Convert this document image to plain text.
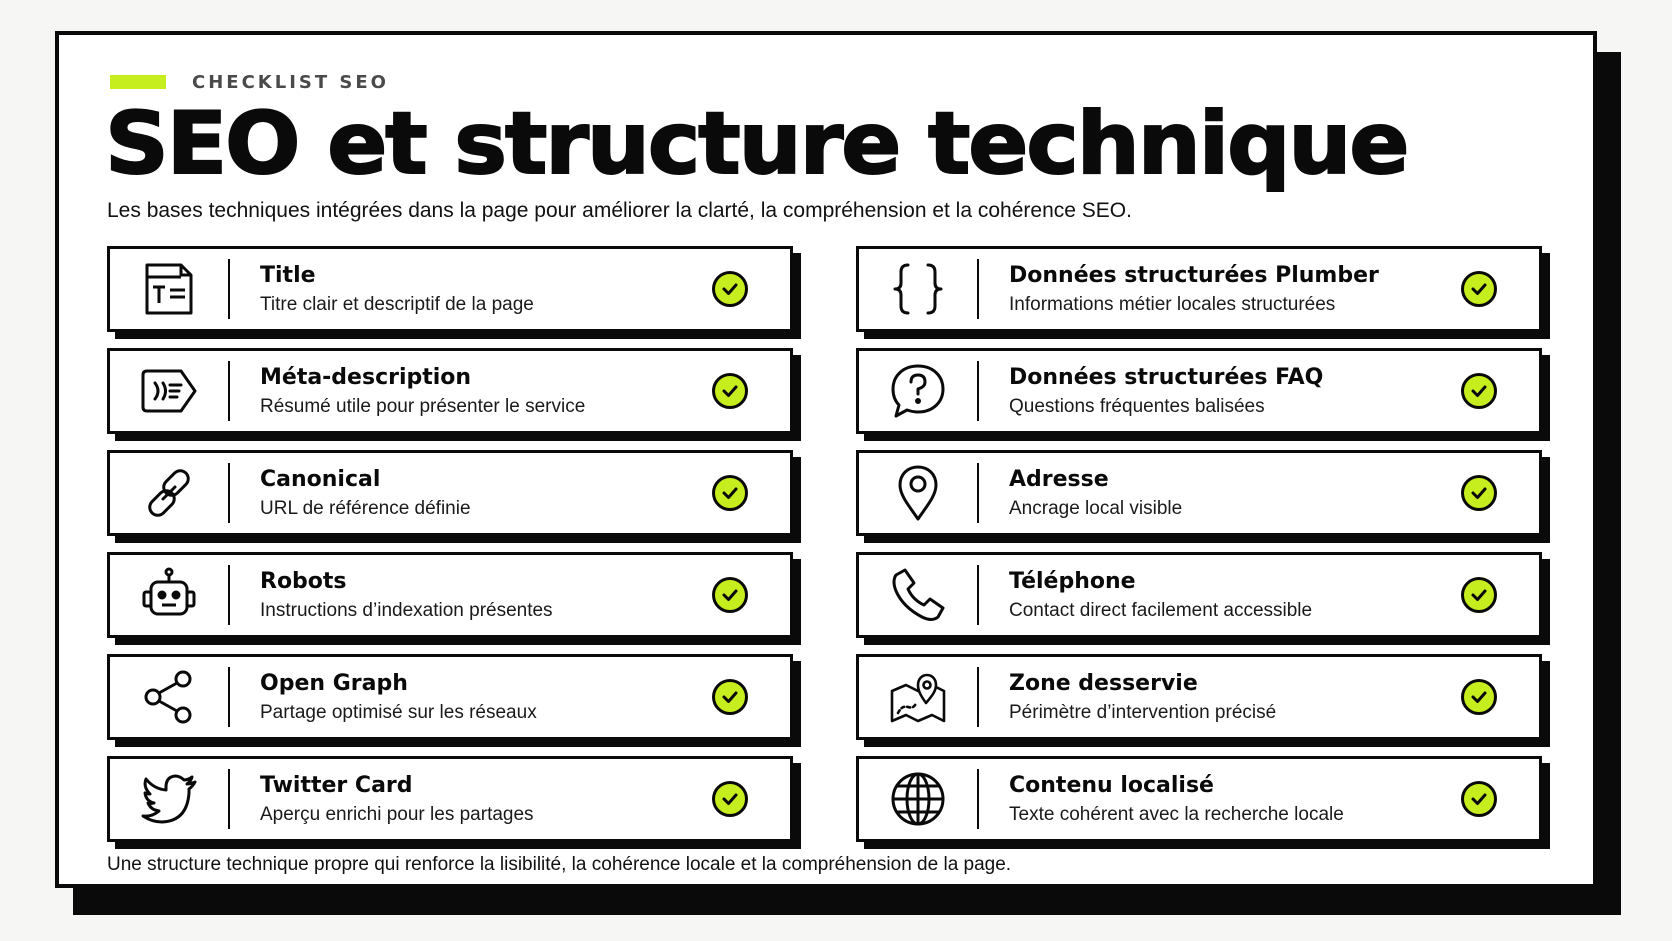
CHECKLIST SEO
SEO et structure technique

Les bases techniques intégrées dans la page pour améliorer la clarté, la compréhension et la cohérence SEO.

Title

Titre clair et descriptif de la page

Méta-description

Résumé utile pour présenter le service

Canonical

URL de référence définie

Robots

Instructions d’indexation présentes

Open Graph

Partage optimisé sur les réseaux

Twitter Card

Aperçu enrichi pour les partages

Données structurées Plumber

Informations métier locales structurées

Données structurées FAQ

Questions fréquentes balisées

Adresse

Ancrage local visible

Téléphone

Contact direct facilement accessible

Zone desservie

Périmètre d’intervention précisé

Contenu localisé

Texte cohérent avec la recherche locale

Une structure technique propre qui renforce la lisibilité, la cohérence locale et la compréhension de la page.
